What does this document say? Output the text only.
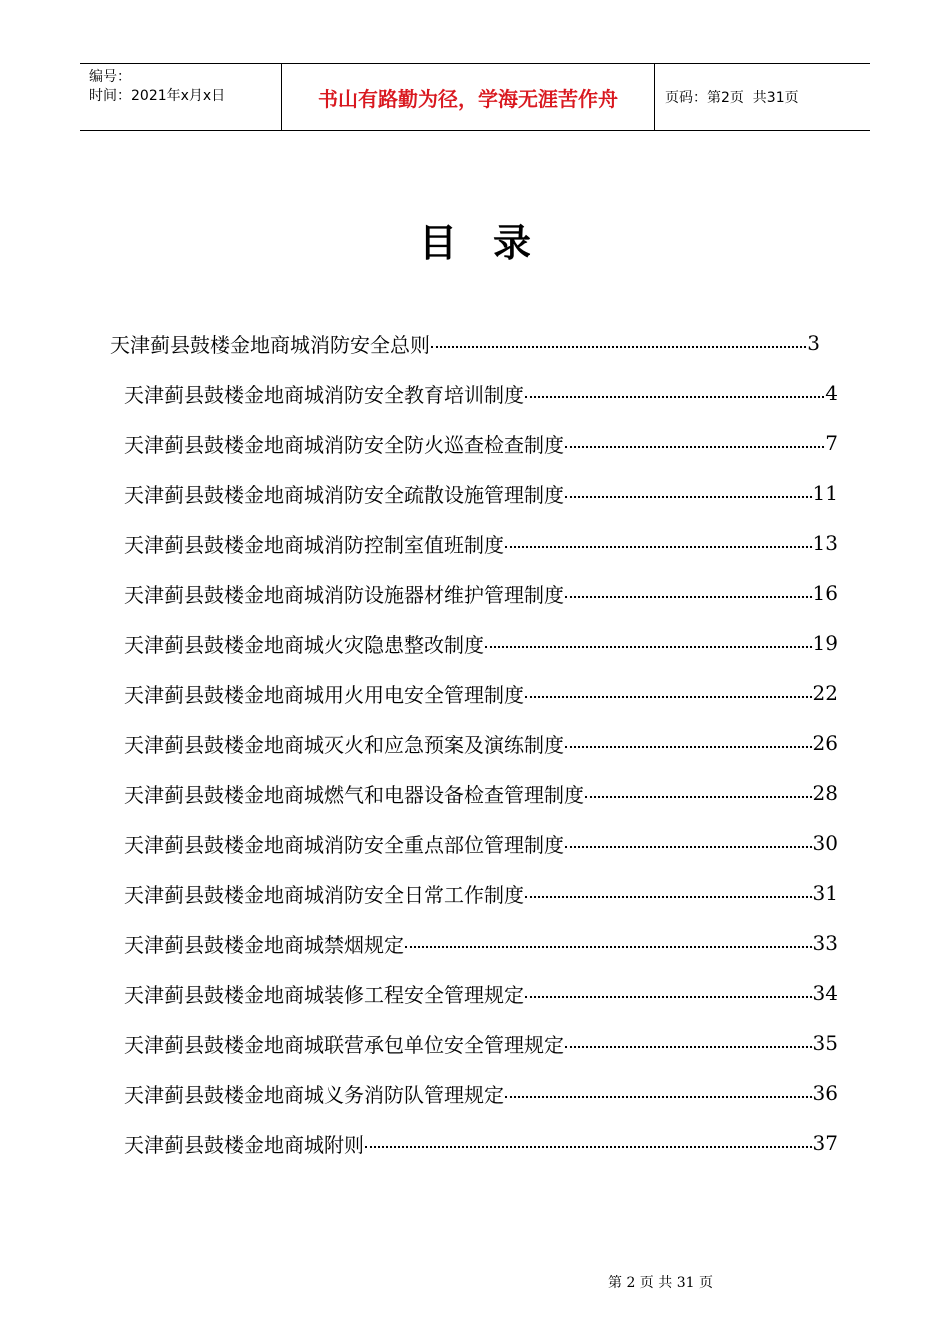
编号：
时间：2021年x月x日	书山有路勤为径，学海无涯苦作舟	页码：第2页  共31页
目录
天津蓟县鼓楼金地商城消防安全总则	3
天津蓟县鼓楼金地商城消防安全教育培训制度	4
天津蓟县鼓楼金地商城消防安全防火巡查检查制度	7
天津蓟县鼓楼金地商城消防安全疏散设施管理制度	11
天津蓟县鼓楼金地商城消防控制室值班制度	13
天津蓟县鼓楼金地商城消防设施器材维护管理制度	16
天津蓟县鼓楼金地商城火灾隐患整改制度	19
天津蓟县鼓楼金地商城用火用电安全管理制度	22
天津蓟县鼓楼金地商城灭火和应急预案及演练制度	26
天津蓟县鼓楼金地商城燃气和电器设备检查管理制度	28
天津蓟县鼓楼金地商城消防安全重点部位管理制度	30
天津蓟县鼓楼金地商城消防安全日常工作制度	31
天津蓟县鼓楼金地商城禁烟规定	33
天津蓟县鼓楼金地商城装修工程安全管理规定	34
天津蓟县鼓楼金地商城联营承包单位安全管理规定	35
天津蓟县鼓楼金地商城义务消防队管理规定	36
天津蓟县鼓楼金地商城附则	37
第 2 页 共 31 页
